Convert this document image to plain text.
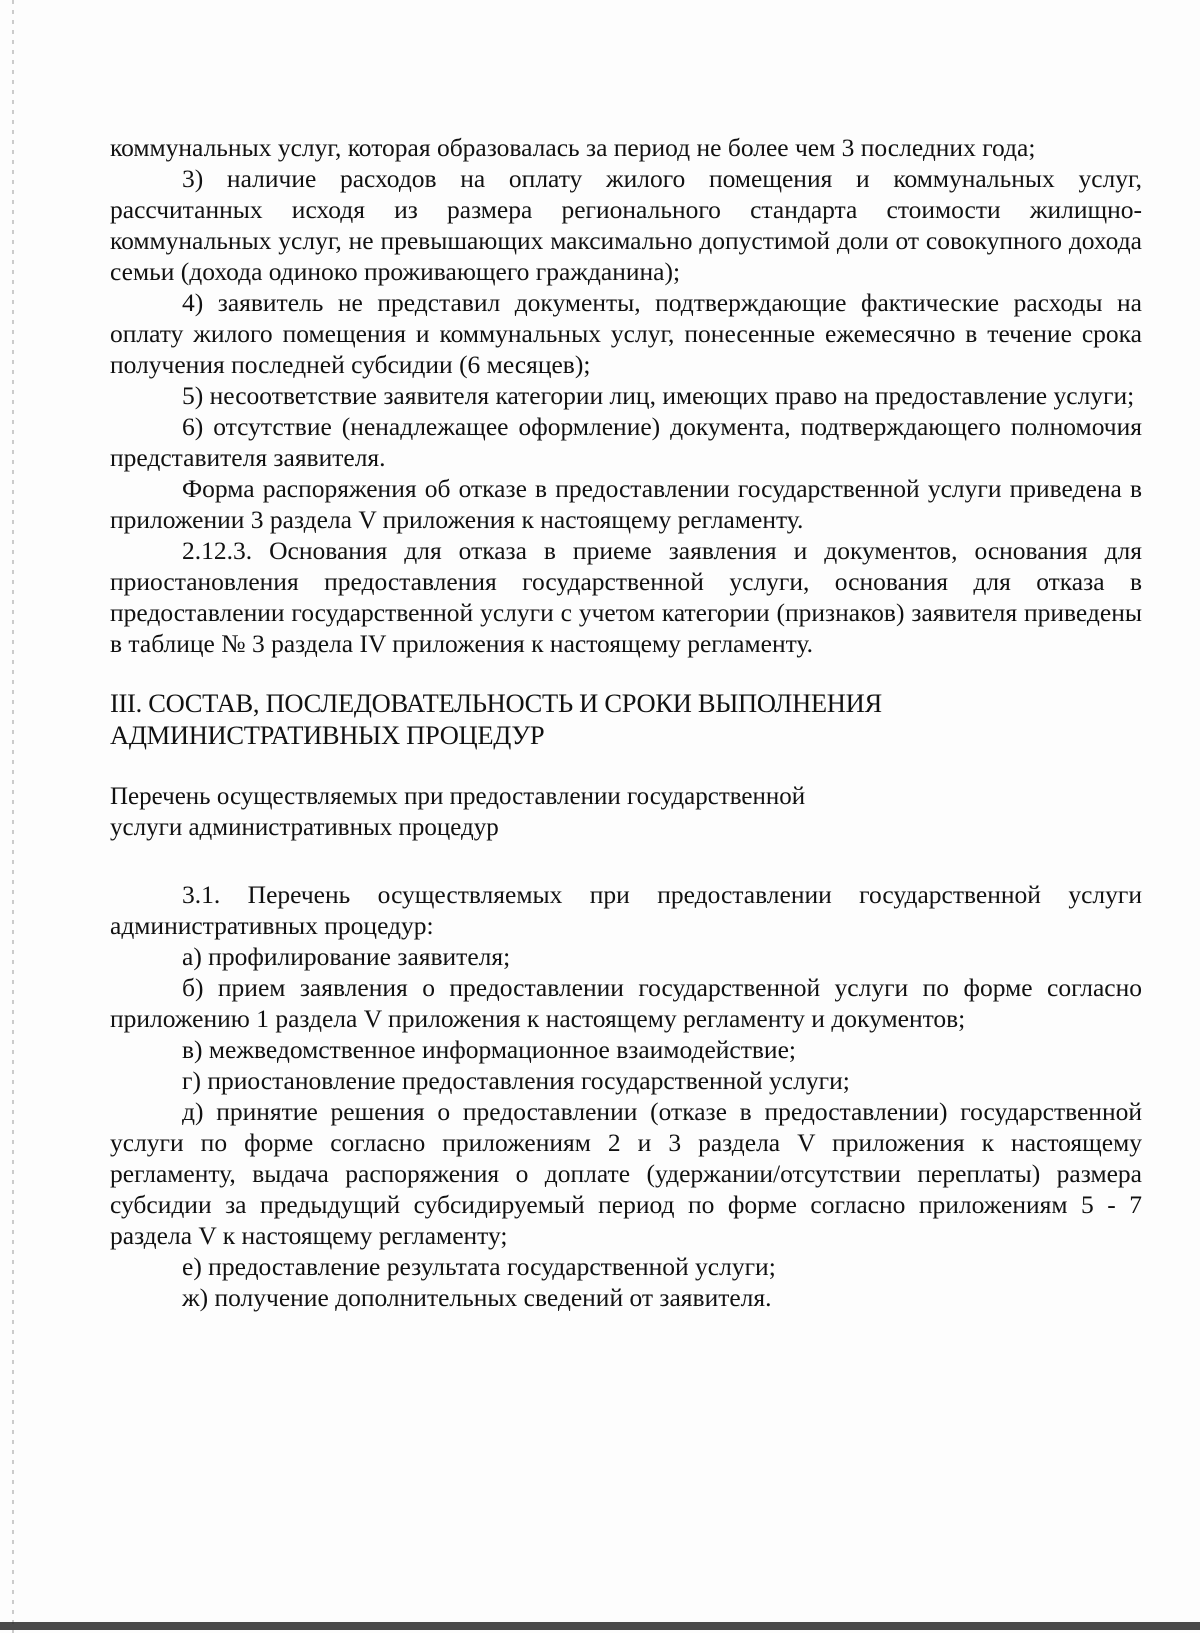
коммунальных услуг, которая образовалась за период не более чем 3 последних года;

3) наличие расходов на оплату жилого помещения и коммунальных услуг, рассчитанных исходя из размера регионального стандарта стоимости жилищно-коммунальных услуг, не превышающих максимально допустимой доли от совокупного дохода семьи (дохода одиноко проживающего гражданина);

4) заявитель не представил документы, подтверждающие фактические расходы на оплату жилого помещения и коммунальных услуг, понесенные ежемесячно в течение срока получения последней субсидии (6 месяцев);

5) несоответствие заявителя категории лиц, имеющих право на предоставление услуги;

6) отсутствие (ненадлежащее оформление) документа, подтверждающего полномочия представителя заявителя.

Форма распоряжения об отказе в предоставлении государственной услуги приведена в приложении 3 раздела V приложения к настоящему регламенту.

2.12.3. Основания для отказа в приеме заявления и документов, основания для приостановления предоставления государственной услуги, основания для отказа в предоставлении государственной услуги с учетом категории (признаков) заявителя приведены в таблице № 3 раздела IV приложения к настоящему регламенту.

III. СОСТАВ, ПОСЛЕДОВАТЕЛЬНОСТЬ И СРОКИ ВЫПОЛНЕНИЯ

АДМИНИСТРАТИВНЫХ ПРОЦЕДУР

Перечень осуществляемых при предоставлении государственной

услуги административных процедур

3.1. Перечень осуществляемых при предоставлении государственной услуги административных процедур:

а) профилирование заявителя;

б) прием заявления о предоставлении государственной услуги по форме согласно приложению 1 раздела V приложения к настоящему регламенту и документов;

в) межведомственное информационное взаимодействие;

г) приостановление предоставления государственной услуги;

д) принятие решения о предоставлении (отказе в предоставлении) государственной услуги по форме согласно приложениям 2 и 3 раздела V приложения к настоящему регламенту, выдача распоряжения о доплате (удержании/отсутствии переплаты) размера субсидии за предыдущий субсидируемый период по форме согласно приложениям 5 - 7 раздела V к настоящему регламенту;

е) предоставление результата государственной услуги;

ж) получение дополнительных сведений от заявителя.
